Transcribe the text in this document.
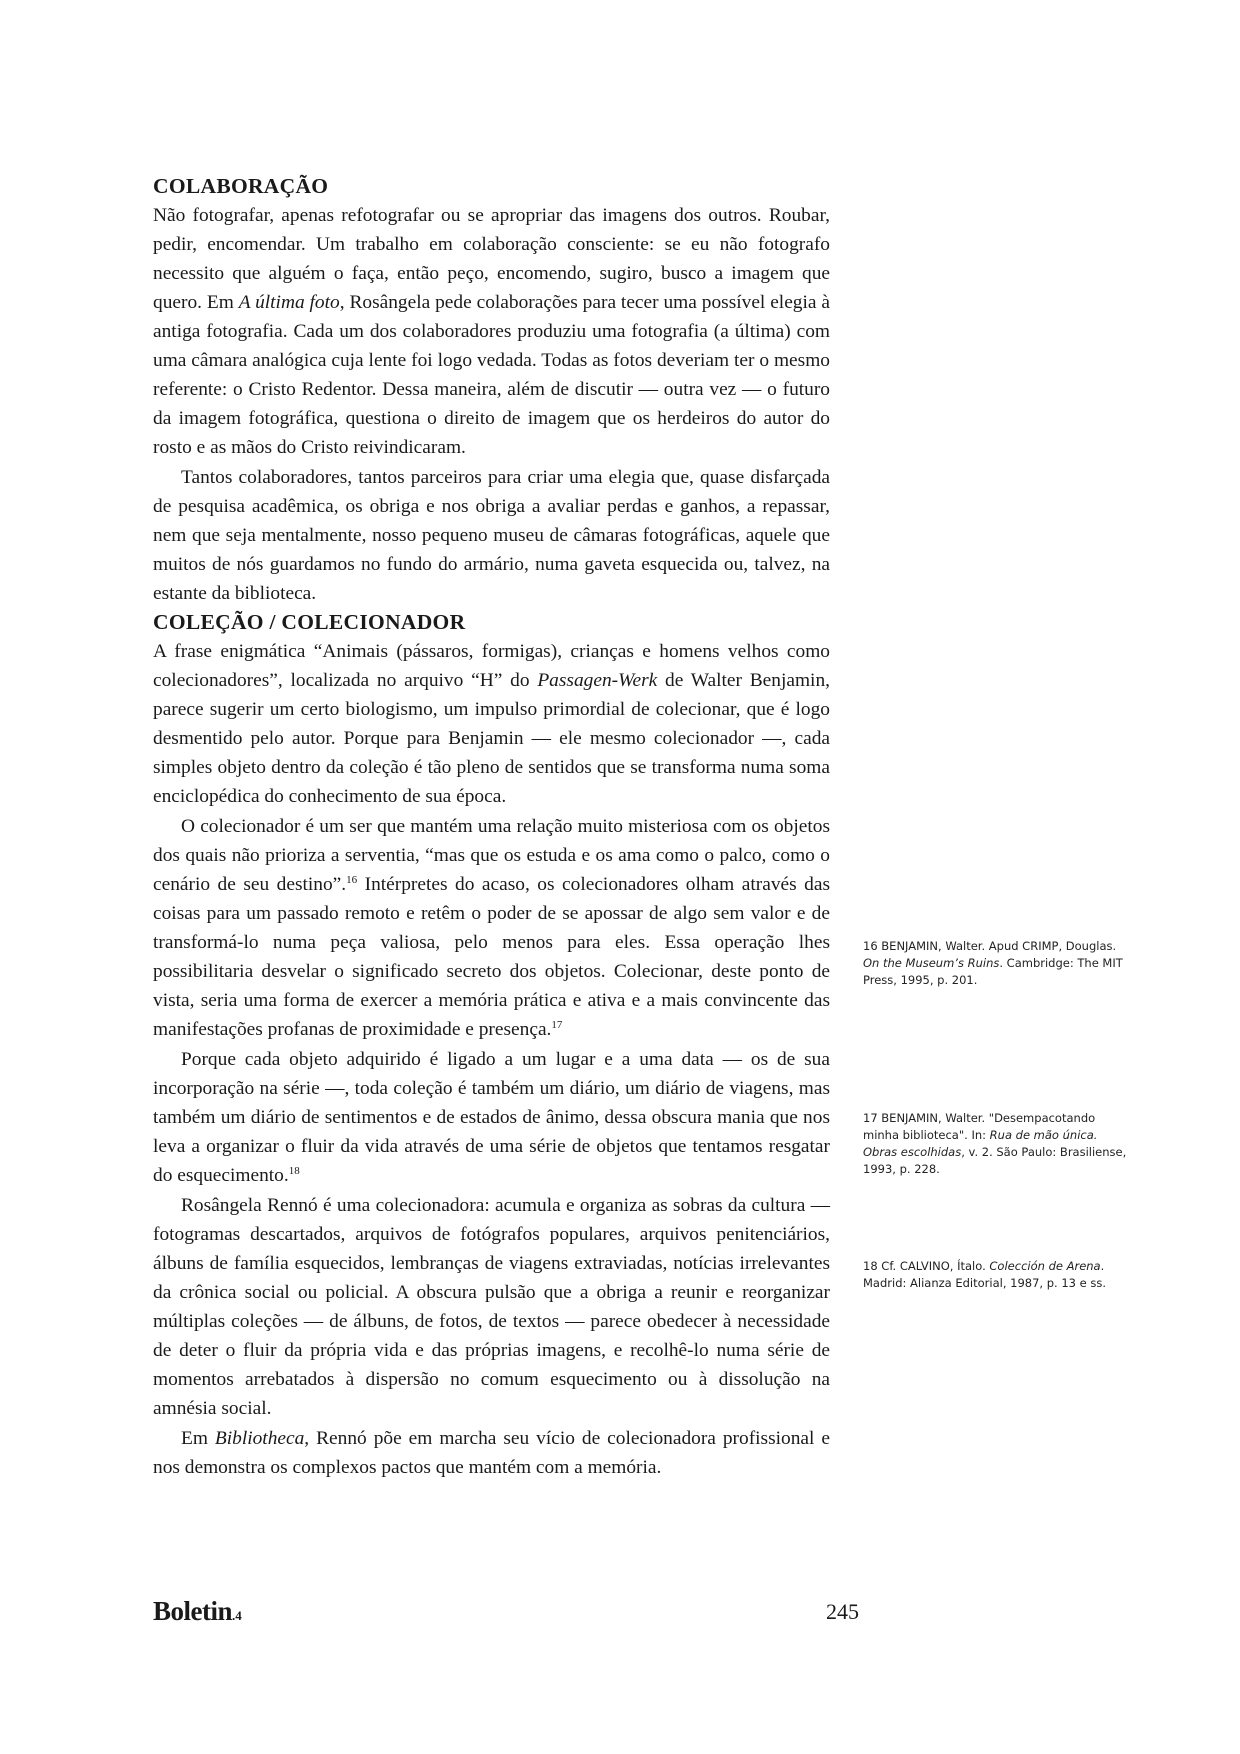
COLABORAÇÃO

Não fotografar, apenas refotografar ou se apropriar das imagens dos outros. Roubar, pedir, encomendar. Um trabalho em colaboração consciente: se eu não fotografo necessito que alguém o faça, então peço, encomendo, sugiro, busco a imagem que quero. Em A última foto, Rosângela pede colaborações para tecer uma possível elegia à antiga fotografia. Cada um dos colaboradores produziu uma fotografia (a última) com uma câmara analógica cuja lente foi logo vedada. Todas as fotos deveriam ter o mesmo referente: o Cristo Redentor. Dessa maneira, além de discutir — outra vez — o futuro da imagem fotográfica, questiona o direito de imagem que os herdeiros do autor do rosto e as mãos do Cristo reivindicaram.

Tantos colaboradores, tantos parceiros para criar uma elegia que, quase disfarçada de pesquisa acadêmica, os obriga e nos obriga a avaliar perdas e ganhos, a repassar, nem que seja mentalmente, nosso pequeno museu de câmaras fotográficas, aquele que muitos de nós guardamos no fundo do armário, numa gaveta esquecida ou, talvez, na estante da biblioteca.

COLEÇÃO / COLECIONADOR

A frase enigmática “Animais (pássaros, formigas), crianças e homens velhos como colecionadores”, localizada no arquivo “H” do Passagen-Werk de Walter Benjamin, parece sugerir um certo biologismo, um impulso primordial de colecionar, que é logo desmentido pelo autor. Porque para Benjamin — ele mesmo colecionador —, cada simples objeto dentro da coleção é tão pleno de sentidos que se transforma numa soma enciclopédica do conhecimento de sua época.

O colecionador é um ser que mantém uma relação muito misteriosa com os objetos dos quais não prioriza a serventia, “mas que os estuda e os ama como o palco, como o cenário de seu destino”.$^{16}$ Intérpretes do acaso, os colecionadores olham através das coisas para um passado remoto e retêm o poder de se apossar de algo sem valor e de transformá-lo numa peça valiosa, pelo menos para eles. Essa operação lhes possibilitaria desvelar o significado secreto dos objetos. Colecionar, deste ponto de vista, seria uma forma de exercer a memória prática e ativa e a mais convincente das manifestações profanas de proximidade e presença.$^{17}$

Porque cada objeto adquirido é ligado a um lugar e a uma data — os de sua incorporação na série —, toda coleção é também um diário, um diário de viagens, mas também um diário de sentimentos e de estados de ânimo, dessa obscura mania que nos leva a organizar o fluir da vida através de uma série de objetos que tentamos resgatar do esquecimento.$^{18}$

Rosângela Rennó é uma colecionadora: acumula e organiza as sobras da cultura — fotogramas descartados, arquivos de fotógrafos populares, arquivos penitenciários, álbuns de família esquecidos, lembranças de viagens extraviadas, notícias irrelevantes da crônica social ou policial. A obscura pulsão que a obriga a reunir e reorganizar múltiplas coleções — de álbuns, de fotos, de textos — parece obedecer à necessidade de deter o fluir da própria vida e das próprias imagens, e recolhê-lo numa série de momentos arrebatados à dispersão no comum esquecimento ou à dissolução na amnésia social.

Em Bibliotheca, Rennó põe em marcha seu vício de colecionadora profissional e nos demonstra os complexos pactos que mantém com a memória.

16 BENJAMIN, Walter. Apud CRIMP, Douglas. On the Museum’s Ruins. Cambridge: The MIT Press, 1995, p. 201.
17 BENJAMIN, Walter. "Desempacotando minha biblioteca". In: Rua de mão única. Obras escolhidas, v. 2. São Paulo: Brasiliense, 1993, p. 228.
18 Cf. CALVINO, Ítalo. Colección de Arena. Madrid: Alianza Editorial, 1987, p. 13 e ss.
Boletin.4	245
